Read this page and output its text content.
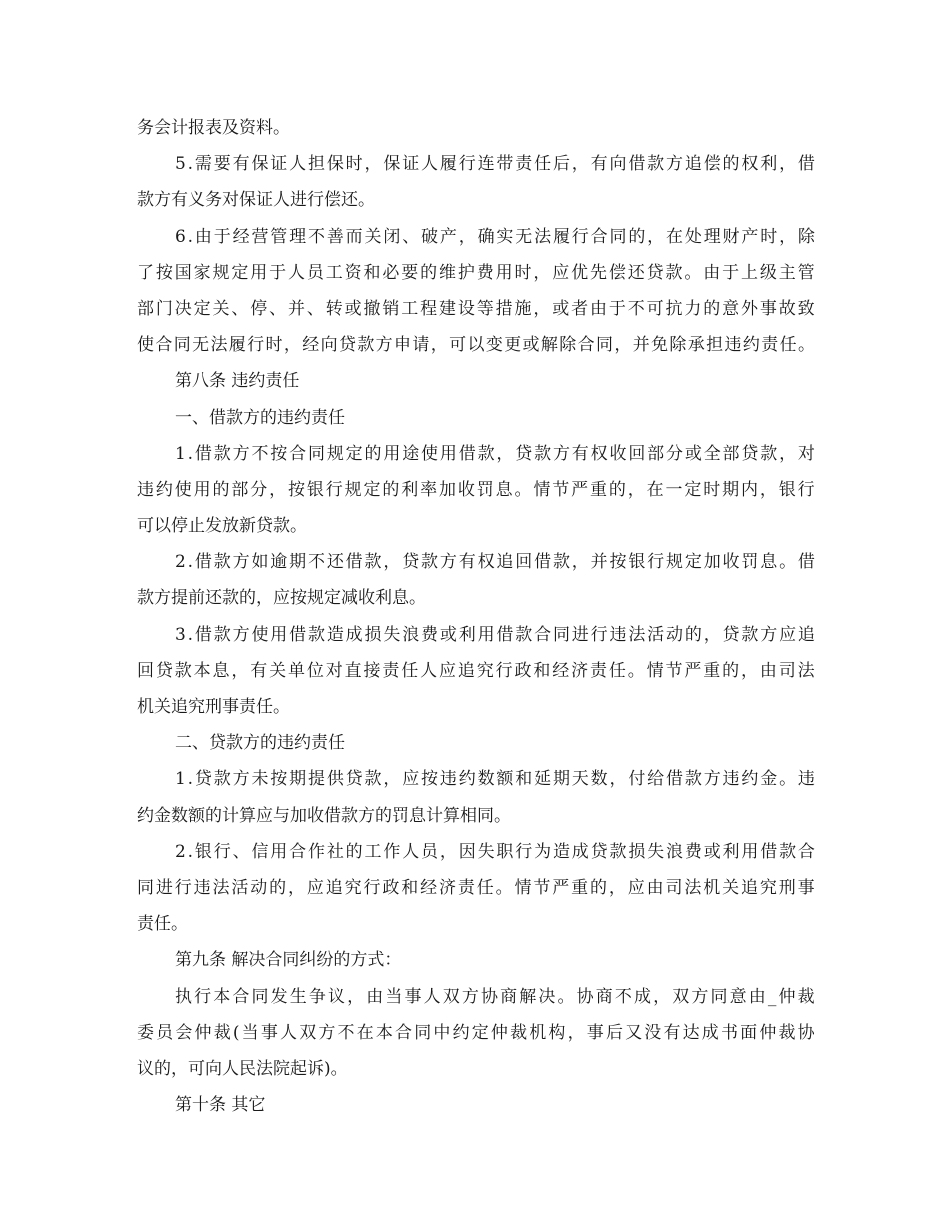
务会计报表及资料。
5 . 需 要 有 保 证 人 担 保 时 ， 保 证 人 履 行 连 带 责 任 后 ， 有 向 借 款 方 追 偿 的 权 利 ， 借
款方有义务对保证人进行偿还。
6 . 由 于 经 营 管 理 不 善 而 关 闭 、 破 产 ， 确 实 无 法 履 行 合 同 的 ， 在 处 理 财 产 时 ， 除
了 按 国 家 规 定 用 于 人 员 工 资 和 必 要 的 维 护 费 用 时 ， 应 优 先 偿 还 贷 款 。 由 于 上 级 主 管
部 门 决 定 关 、 停 、 并 、 转 或 撤 销 工 程 建 设 等 措 施 ， 或 者 由 于 不 可 抗 力 的 意 外 事 故 致
使 合 同 无 法 履 行 时 ， 经 向 贷 款 方 申 请 ， 可 以 变 更 或 解 除 合 同 ， 并 免 除 承 担 违 约 责 任 。
第八条 违约责任
一、借款方的违约责任
1 . 借 款 方 不 按 合 同 规 定 的 用 途 使 用 借 款 ， 贷 款 方 有 权 收 回 部 分 或 全 部 贷 款 ， 对
违 约 使 用 的 部 分 ， 按 银 行 规 定 的 利 率 加 收 罚 息 。 情 节 严 重 的 ， 在 一 定 时 期 内 ， 银 行
可以停止发放新贷款。
2 . 借 款 方 如 逾 期 不 还 借 款 ， 贷 款 方 有 权 追 回 借 款 ， 并 按 银 行 规 定 加 收 罚 息 。 借
款方提前还款的，应按规定减收利息。
3 . 借 款 方 使 用 借 款 造 成 损 失 浪 费 或 利 用 借 款 合 同 进 行 违 法 活 动 的 ， 贷 款 方 应 追
回 贷 款 本 息 ， 有 关 单 位 对 直 接 责 任 人 应 追 究 行 政 和 经 济 责 任 。 情 节 严 重 的 ， 由 司 法
机关追究刑事责任。
二、贷款方的违约责任
1 . 贷 款 方 未 按 期 提 供 贷 款 ， 应 按 违 约 数 额 和 延 期 天 数 ， 付 给 借 款 方 违 约 金 。 违
约金数额的计算应与加收借款方的罚息计算相同。
2 . 银 行 、 信 用 合 作 社 的 工 作 人 员 ， 因 失 职 行 为 造 成 贷 款 损 失 浪 费 或 利 用 借 款 合
同 进 行 违 法 活 动 的 ， 应 追 究 行 政 和 经 济 责 任 。 情 节 严 重 的 ， 应 由 司 法 机 关 追 究 刑 事
责任。
第九条 解决合同纠纷的方式：
执 行 本 合 同 发 生 争 议 ， 由 当 事 人 双 方 协 商 解 决 。 协 商 不 成 ， 双 方 同 意 由 _ 仲 裁
委 员 会 仲 裁 ( 当 事 人 双 方 不 在 本 合 同 中 约 定 仲 裁 机 构 ， 事 后 又 没 有 达 成 书 面 仲 裁 协
议的，可向人民法院起诉)。
第十条 其它
